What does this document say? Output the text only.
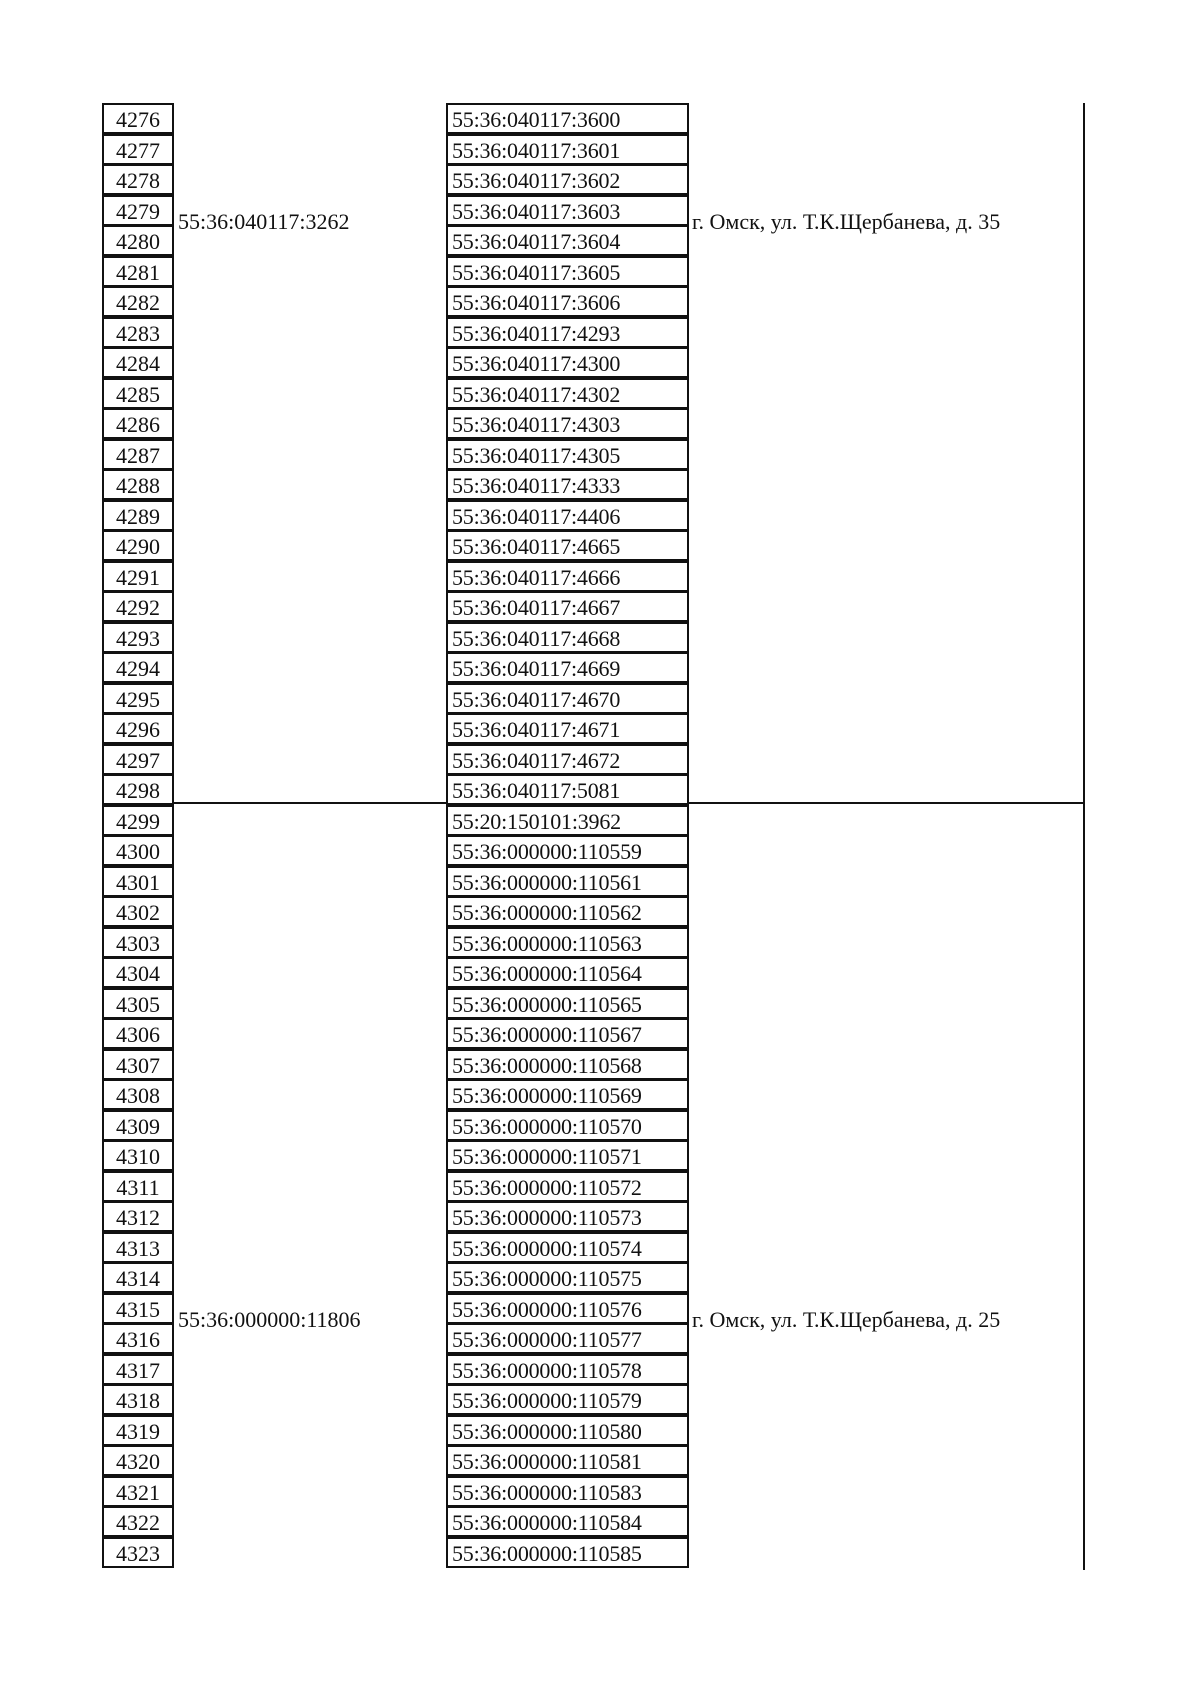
4276	55:36:040117:3600
4277	55:36:040117:3601
4278	55:36:040117:3602
4279	55:36:040117:3603
4280	55:36:040117:3604
4281	55:36:040117:3605
4282	55:36:040117:3606
4283	55:36:040117:4293
4284	55:36:040117:4300
4285	55:36:040117:4302
4286	55:36:040117:4303
4287	55:36:040117:4305
4288	55:36:040117:4333
4289	55:36:040117:4406
4290	55:36:040117:4665
4291	55:36:040117:4666
4292	55:36:040117:4667
4293	55:36:040117:4668
4294	55:36:040117:4669
4295	55:36:040117:4670
4296	55:36:040117:4671
4297	55:36:040117:4672
4298	55:36:040117:5081
55:36:040117:3262	г. Омск, ул. Т.К.Щербанева, д. 35
4299	55:20:150101:3962
4300	55:36:000000:110559
4301	55:36:000000:110561
4302	55:36:000000:110562
4303	55:36:000000:110563
4304	55:36:000000:110564
4305	55:36:000000:110565
4306	55:36:000000:110567
4307	55:36:000000:110568
4308	55:36:000000:110569
4309	55:36:000000:110570
4310	55:36:000000:110571
4311	55:36:000000:110572
4312	55:36:000000:110573
4313	55:36:000000:110574
4314	55:36:000000:110575
4315	55:36:000000:110576
4316	55:36:000000:110577
4317	55:36:000000:110578
4318	55:36:000000:110579
4319	55:36:000000:110580
4320	55:36:000000:110581
4321	55:36:000000:110583
4322	55:36:000000:110584
4323	55:36:000000:110585
55:36:000000:11806	г. Омск, ул. Т.К.Щербанева, д. 25
